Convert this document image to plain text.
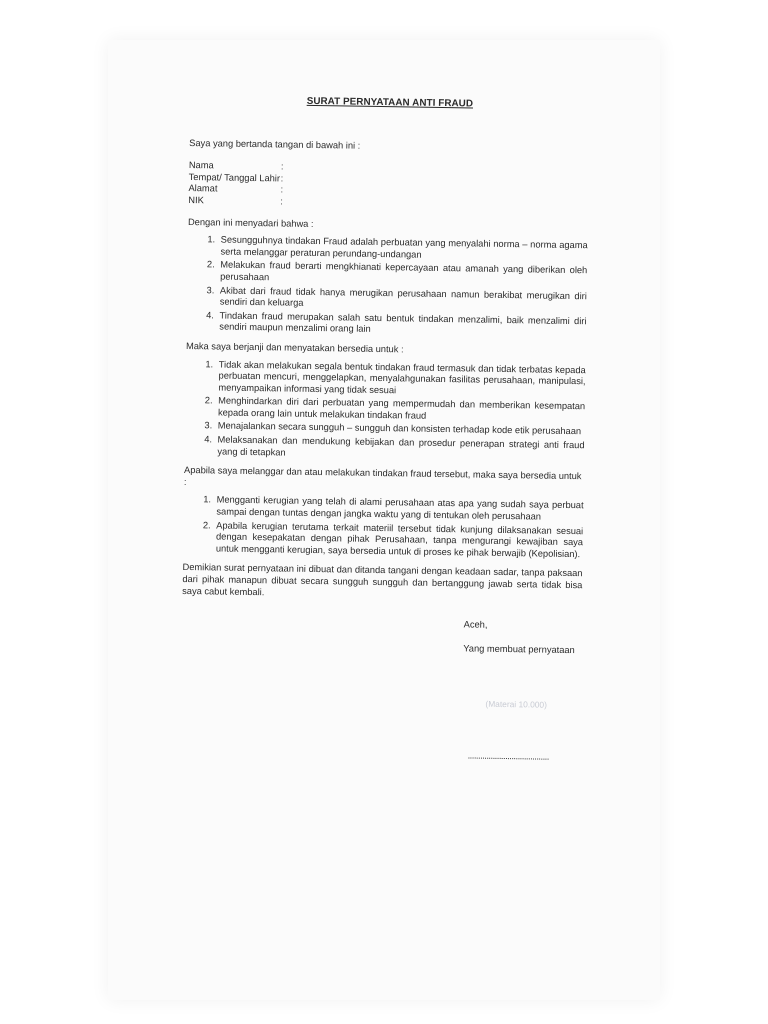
SURAT PERNYATAAN ANTI FRAUD

Saya yang bertanda tangan di bawah ini :

Nama	:
Tempat/ Tanggal Lahir :
Alamat	:
NIK	:

Dengan ini menyadari bahwa :

1. Sesungguhnya tindakan Fraud adalah perbuatan yang menyalahi norma – norma agama serta melanggar peraturan perundang-undangan
2. Melakukan fraud berarti mengkhianati kepercayaan atau amanah yang diberikan oleh perusahaan
3. Akibat dari fraud tidak hanya merugikan perusahaan namun berakibat merugikan diri sendiri dan keluarga
4. Tindakan fraud merupakan salah satu bentuk tindakan menzalimi, baik menzalimi diri sendiri maupun menzalimi orang lain

Maka saya berjanji dan menyatakan bersedia untuk :

1. Tidak akan melakukan segala bentuk tindakan fraud termasuk dan tidak terbatas kepada perbuatan mencuri, menggelapkan, menyalahgunakan fasilitas perusahaan, manipulasi, menyampaikan informasi yang tidak sesuai
2. Menghindarkan diri dari perbuatan yang mempermudah dan memberikan kesempatan kepada orang lain untuk melakukan tindakan fraud
3. Menajalankan secara sungguh – sungguh dan konsisten terhadap kode etik perusahaan
4. Melaksanakan dan mendukung kebijakan dan prosedur penerapan strategi anti fraud yang di tetapkan

Apabila saya melanggar dan atau melakukan tindakan fraud tersebut, maka saya bersedia untuk :

1. Mengganti kerugian yang telah di alami perusahaan atas apa yang sudah saya perbuat sampai dengan tuntas dengan jangka waktu yang di tentukan oleh perusahaan
2. Apabila kerugian terutama terkait materiil tersebut tidak kunjung dilaksanakan sesuai dengan kesepakatan dengan pihak Perusahaan, tanpa mengurangi kewajiban saya untuk mengganti kerugian, saya bersedia untuk di proses ke pihak berwajib (Kepolisian).

Demikian surat pernyataan ini dibuat dan ditanda tangani dengan keadaan sadar, tanpa paksaan dari pihak manapun dibuat secara sungguh sungguh dan bertanggung jawab serta tidak bisa saya cabut kembali.

Aceh,
Yang membuat pernyataan
(Materai 10.000)
.......................................
